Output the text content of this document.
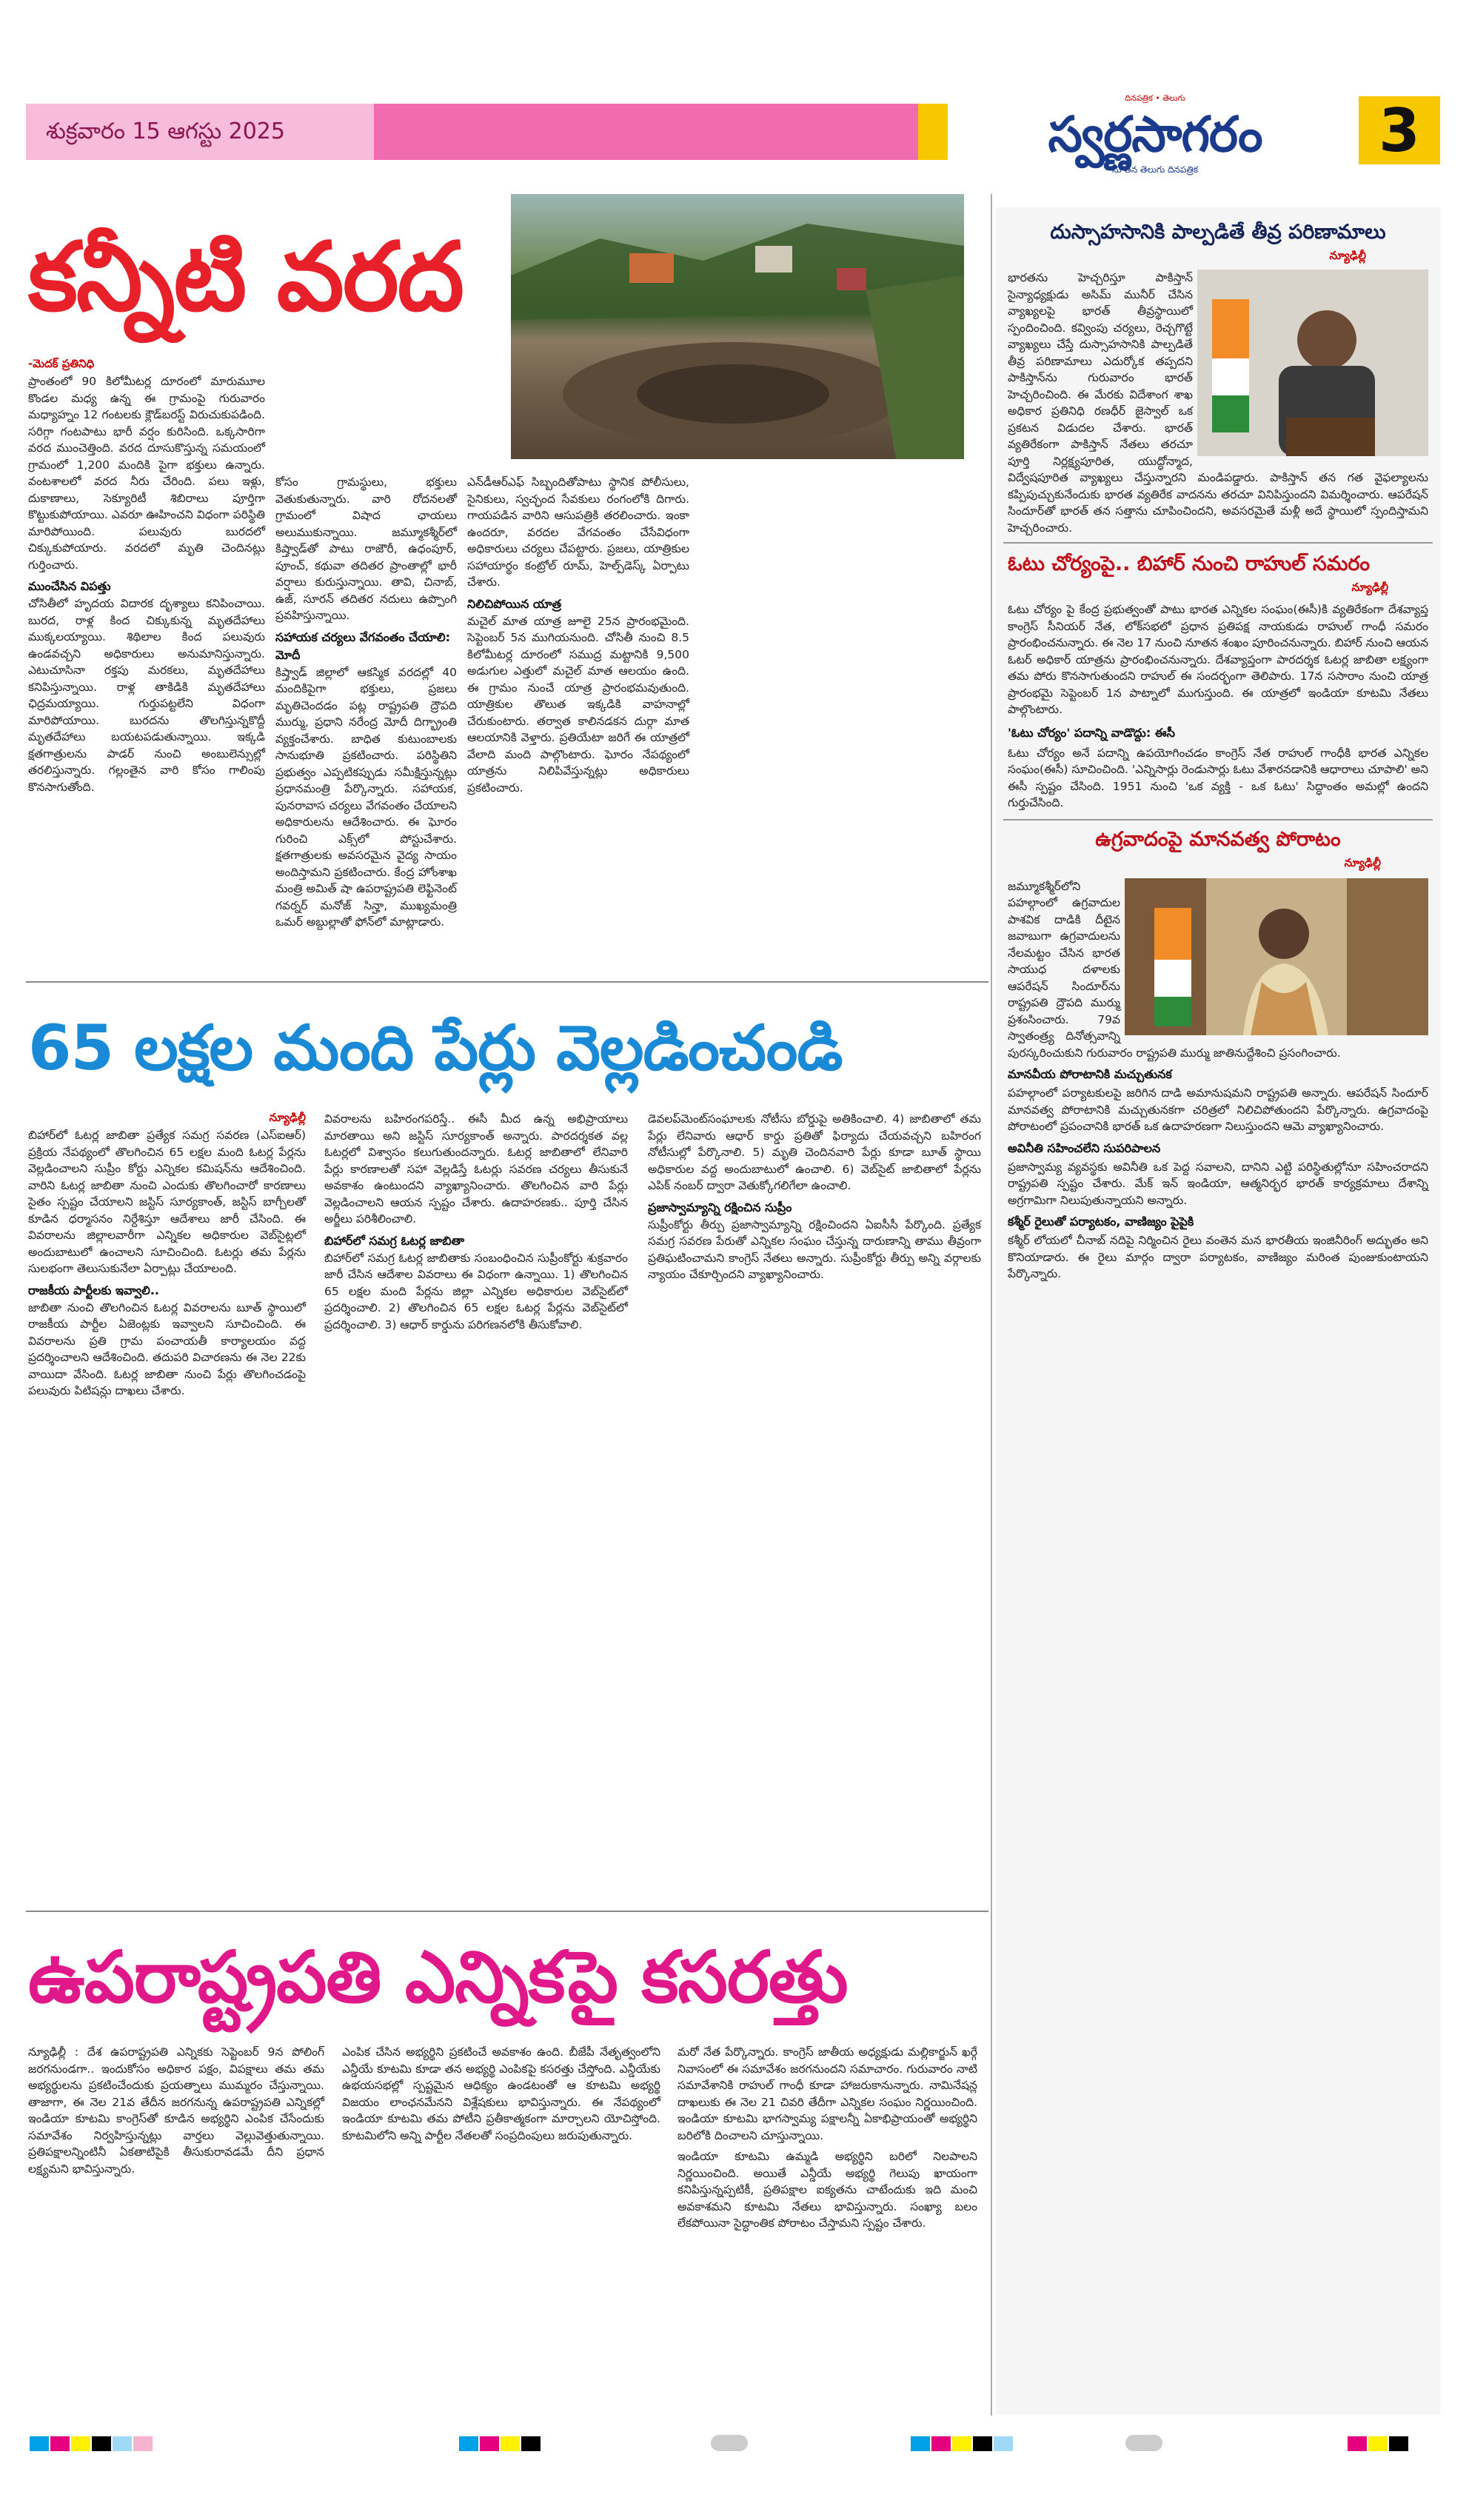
శుక్రవారం 15 ఆగస్టు 2025
దినపత్రిక • తెలుగు
స్వర్ణసాగరం
నూతన తెలుగు దినపత్రిక
3
కన్నీటి వరద
-మెదక్‌ ప్రతినిధి

ప్రాంతంలో 90 కిలోమీటర్ల దూరంలో మారుమూల కొండల మధ్య ఉన్న ఈ గ్రామంపై గురువారం మధ్యాహ్నం 12 గంటలకు క్లౌడ్‌బరస్ట్‌ విరుచుకుపడింది. సరిగ్గా గంటపాటు భారీ వర్షం కురిసింది. ఒక్కసారిగా వరద ముంచెత్తింది. వరద దూసుకొస్తున్న సమయంలో గ్రామంలో 1,200 మందికి పైగా భక్తులు ఉన్నారు. వంటశాలలో వరద నీరు చేరింది. పలు ఇళ్లు, దుకాణాలు, సెక్యూరిటీ శిబిరాలు పూర్తిగా కొట్టుకుపోయాయి. ఎవరూ ఊహించని విధంగా పరిస్థితి మారిపోయింది. పలువురు బురదలో చిక్కుకుపోయారు. వరదలో మృతి చెందినట్లు గుర్తించారు.

ముంచేసిన విపత్తు

చోసితీలో హృదయ విదారక దృశ్యాలు కనిపించాయి. బురద, రాళ్ల కింద చిక్కుకున్న మృతదేహాలు ముక్కలయ్యాయి. శిథిలాల కింద పలువురు ఉండవచ్చని అధికారులు అనుమానిస్తున్నారు. ఎటుచూసినా రక్తపు మరకలు, మృతదేహాలు కనిపిస్తున్నాయి. రాళ్ల తాకిడికి మృతదేహాలు ఛిద్రమయ్యాయి. గుర్తుపట్టలేని విధంగా మారిపోయాయి. బురదను తొలగిస్తున్నకొద్దీ మృతదేహాలు బయటపడుతున్నాయి. ఇక్కడి క్షతగాత్రులను పాడర్‌ నుంచి అంబులెన్సుల్లో తరలిస్తున్నారు. గల్లంతైన వారి కోసం గాలింపు కొనసాగుతోంది.

కోసం గ్రామస్థులు, భక్తులు వెతుకుతున్నారు. వారి రోదనలతో గ్రామంలో విషాద ఛాయలు అలుముకున్నాయి. జమ్మూకశ్మీర్‌లో కిష్త్వాడ్‌తో పాటు రాజౌరీ, ఉధంపూర్‌, పూంచ్‌, కథువా తదితర ప్రాంతాల్లో భారీ వర్షాలు కురుస్తున్నాయి. తావి, చినాబ్‌, ఉజ్‌, సూరన్‌ తదితర నదులు ఉప్పొంగి ప్రవహిస్తున్నాయి.

సహాయక చర్యలు వేగవంతం చేయాలి: మోదీ

కిష్త్వాడ్‌ జిల్లాలో ఆకస్మిక వరదల్లో 40 మందికిపైగా భక్తులు, ప్రజలు మృతిచెందడం పట్ల రాష్ట్రపతి ద్రౌపది ముర్ము, ప్రధాని నరేంద్ర మోదీ దిగ్భ్రాంతి వ్యక్తంచేశారు. బాధిత కుటుంబాలకు సానుభూతి ప్రకటించారు. పరిస్థితిని ప్రభుత్వం ఎప్పటికప్పుడు సమీక్షిస్తున్నట్లు ప్రధానమంత్రి పేర్కొన్నారు. సహాయక, పునరావాస చర్యలు వేగవంతం చేయాలని అధికారులను ఆదేశించారు. ఈ ఘోరం గురించి ఎక్స్‌లో పోస్టుచేశారు. క్షతగాత్రులకు అవసరమైన వైద్య సాయం అందిస్తామని ప్రకటించారు. కేంద్ర హోంశాఖ మంత్రి అమిత్‌ షా ఉపరాష్ట్రపతి లెఫ్టినెంట్‌ గవర్నర్‌ మనోజ్‌ సిన్హా, ముఖ్యమంత్రి ఒమర్‌ అబ్దుల్లాతో ఫోన్‌లో మాట్లాడారు.

ఎన్‌డీఆర్‌ఎఫ్‌ సిబ్బందితోపాటు స్థానిక పోలీసులు, సైనికులు, స్వచ్ఛంద సేవకులు రంగంలోకి దిగారు. గాయపడిన వారిని ఆసుపత్రికి తరలించారు. ఇంకా ఉందరూ, వరదల వేగవంతం చేసేవిధంగా అధికారులు చర్యలు చేపట్టారు. ప్రజలు, యాత్రికుల సహాయార్థం కంట్రోల్‌ రూమ్‌, హెల్ప్‌డెస్క్‌ ఏర్పాటు చేశారు.

నిలిచిపోయిన యాత్ర

మచైల్‌ మాత యాత్ర జూలై 25న ప్రారంభమైంది. సెప్టెంబర్‌ 5న ముగియనుంది. చోసితీ నుంచి 8.5 కిలోమీటర్ల దూరంలో సముద్ర మట్టానికి 9,500 అడుగుల ఎత్తులో మచైల్‌ మాత ఆలయం ఉంది. ఈ గ్రామం నుంచే యాత్ర ప్రారంభమవుతుంది. యాత్రికుల తొలుత ఇక్కడికి వాహనాల్లో చేరుకుంటారు. తర్వాత కాలినడకన దుర్గా మాత ఆలయానికి వెళ్తారు. ప్రతియేటా జరిగే ఈ యాత్రలో వేలాది మంది పాల్గొంటారు. ఘోరం నేపథ్యంలో యాత్రను నిలిపివేస్తున్నట్లు అధికారులు ప్రకటించారు.

65 లక్షల మంది పేర్లు వెల్లడించండి
న్యూఢిల్లీ

బిహార్‌లో ఓటర్ల జాబితా ప్రత్యేక సమగ్ర సవరణ (ఎస్‌ఐఆర్‌) ప్రక్రియ నేపథ్యంలో తొలగించిన 65 లక్షల మంది ఓటర్ల పేర్లను వెల్లడించాలని సుప్రీం కోర్టు ఎన్నికల కమిషన్‌ను ఆదేశించింది. వారిని ఓటర్ల జాబితా నుంచి ఎందుకు తొలగించారో కారణాలు సైతం స్పష్టం చేయాలని జస్టిస్‌ సూర్యకాంత్‌, జస్టిస్‌ బాగ్చీలతో కూడిన ధర్మాసనం నిర్దేశిస్తూ ఆదేశాలు జారీ చేసింది. ఈ వివరాలను జిల్లాలవారీగా ఎన్నికల అధికారుల వెబ్‌సైట్లలో అందుబాటులో ఉంచాలని సూచించింది. ఓటర్లు తమ పేర్లను సులభంగా తెలుసుకునేలా ఏర్పాట్లు చేయాలంది.

రాజకీయ పార్టీలకు ఇవ్వాలి..

జాబితా నుంచి తొలగించిన ఓటర్ల వివరాలను బూత్‌ స్థాయిలో రాజకీయ పార్టీల ఏజెంట్లకు ఇవ్వాలని సూచించింది. ఈ వివరాలను ప్రతి గ్రామ పంచాయతీ కార్యాలయం వద్ద ప్రదర్శించాలని ఆదేశించింది. తదుపరి విచారణను ఈ నెల 22కు వాయిదా వేసింది. ఓటర్ల జాబితా నుంచి పేర్లు తొలగించడంపై పలువురు పిటిషన్లు దాఖలు చేశారు.

వివరాలను బహిరంగపరిస్తే.. ఈసీ మీద ఉన్న అభిప్రాయాలు మారతాయి అని జస్టిస్‌ సూర్యకాంత్‌ అన్నారు. పారదర్శకత వల్ల ఓటర్లలో విశ్వాసం కలుగుతుందన్నారు. ఓటర్ల జాబితాలో లేనివారి పేర్లు కారణాలతో సహా వెల్లడిస్తే ఓటర్లు సవరణ చర్యలు తీసుకునే అవకాశం ఉంటుందని వ్యాఖ్యానించారు. తొలగించిన వారి పేర్లు వెల్లడించాలని ఆయన స్పష్టం చేశారు. ఉదాహరణకు.. పూర్తి చేసిన అర్జీలు పరిశీలించాలి.

బిహార్‌లో సమగ్ర ఓటర్ల జాబితా

బిహార్‌లో సమగ్ర ఓటర్ల జాబితాకు సంబంధించిన సుప్రీంకోర్టు శుక్రవారం జారీ చేసిన ఆదేశాల వివరాలు ఈ విధంగా ఉన్నాయి. 1) తొలగించిన 65 లక్షల మంది పేర్లను జిల్లా ఎన్నికల అధికారుల వెబ్‌సైట్‌లో ప్రదర్శించాలి. 2) తొలగించిన 65 లక్షల ఓటర్ల పేర్లను వెబ్‌సైట్‌లో ప్రదర్శించాలి. 3) ఆధార్‌ కార్డును పరిగణనలోకి తీసుకోవాలి.

డెవలప్‌మెంట్‌సంఘాలకు నోటీసు బోర్డుపై అతికించాలి. 4) జాబితాలో తమ పేర్లు లేనివారు ఆధార్‌ కార్డు ప్రతితో ఫిర్యాదు చేయవచ్చని బహిరంగ నోటీసుల్లో పేర్కొనాలి. 5) మృతి చెందినవారి పేర్లు కూడా బూత్‌ స్థాయి అధికారుల వద్ద అందుబాటులో ఉంచాలి. 6) వెబ్‌సైట్‌ జాబితాలో పేర్లను ఎపిక్‌ నంబర్‌ ద్వారా వెతుక్కోగలిగేలా ఉంచాలి.

ప్రజాస్వామ్యాన్ని రక్షించిన సుప్రీం

సుప్రీంకోర్టు తీర్పు ప్రజాస్వామ్యాన్ని రక్షించిందని ఏఐసీసీ పేర్కొంది. ప్రత్యేక సమగ్ర సవరణ పేరుతో ఎన్నికల సంఘం చేస్తున్న దారుణాన్ని తాము తీవ్రంగా ప్రతిఘటించామని కాంగ్రెస్‌ నేతలు అన్నారు. సుప్రీంకోర్టు తీర్పు అన్ని వర్గాలకు న్యాయం చేకూర్చిందని వ్యాఖ్యానించారు.

ఉపరాష్ట్రపతి ఎన్నికపై కసరత్తు

న్యూఢిల్లీ : దేశ ఉపరాష్ట్రపతి ఎన్నికకు సెప్టెంబర్‌ 9న పోలింగ్‌ జరగనుండగా.. ఇందుకోసం అధికార పక్షం, విపక్షాలు తమ తమ అభ్యర్థులను ప్రకటించేందుకు ప్రయత్నాలు ముమ్మరం చేస్తున్నాయి. తాజాగా, ఈ నెల 21వ తేదీన జరగనున్న ఉపరాష్ట్రపతి ఎన్నికల్లో ఇండియా కూటమి కాంగ్రెస్‌తో కూడిన అభ్యర్థిని ఎంపిక చేసేందుకు సమావేశం నిర్వహిస్తున్నట్లు వార్తలు వెల్లువెత్తుతున్నాయి. ప్రతిపక్షాలన్నింటినీ ఏకతాటిపైకి తీసుకురావడమే దీని ప్రధాన లక్ష్యమని భావిస్తున్నారు.

ఎంపిక చేసిన అభ్యర్థిని ప్రకటించే అవకాశం ఉంది. బీజేపీ నేతృత్వంలోని ఎన్డీయే కూటమి కూడా తన అభ్యర్థి ఎంపికపై కసరత్తు చేస్తోంది. ఎన్డీయేకు ఉభయసభల్లో స్పష్టమైన ఆధిక్యం ఉండటంతో ఆ కూటమి అభ్యర్థి విజయం లాంఛనమేనని విశ్లేషకులు భావిస్తున్నారు. ఈ నేపథ్యంలో ఇండియా కూటమి తమ పోటీని ప్రతీకాత్మకంగా మార్చాలని యోచిస్తోంది. కూటమిలోని అన్ని పార్టీల నేతలతో సంప్రదింపులు జరుపుతున్నారు.

మరో నేత పేర్కొన్నారు. కాంగ్రెస్‌ జాతీయ అధ్యక్షుడు మల్లికార్జున్‌ ఖర్గే నివాసంలో ఈ సమావేశం జరగనుందని సమాచారం. గురువారం నాటి సమావేశానికి రాహుల్‌ గాంధీ కూడా హాజరుకానున్నారు. నామినేషన్ల దాఖలుకు ఈ నెల 21 చివరి తేదీగా ఎన్నికల సంఘం నిర్ణయించింది. ఇండియా కూటమి భాగస్వామ్య పక్షాలన్నీ ఏకాభిప్రాయంతో అభ్యర్థిని బరిలోకి దించాలని చూస్తున్నాయి.

ఇండియా కూటమి ఉమ్మడి అభ్యర్థిని బరిలో నిలపాలని నిర్ణయించింది. అయితే ఎన్డీయే అభ్యర్థి గెలుపు ఖాయంగా కనిపిస్తున్నప్పటికీ, ప్రతిపక్షాల ఐక్యతను చాటేందుకు ఇది మంచి అవకాశమని కూటమి నేతలు భావిస్తున్నారు. సంఖ్యా బలం లేకపోయినా సైద్ధాంతిక పోరాటం చేస్తామని స్పష్టం చేశారు.

దుస్సాహసానికి పాల్పడితే తీవ్ర పరిణామాలు
న్యూఢిల్లీ

భారతను హెచ్చరిస్తూ పాకిస్తాన్‌ సైన్యాధ్యక్షుడు అసిమ్‌ మునీర్‌ చేసిన వ్యాఖ్యలపై భారత్‌ తీవ్రస్థాయిలో స్పందించింది. కవ్వింపు చర్యలు, రెచ్చగొట్టే వ్యాఖ్యలు చేస్తే దుస్సాహసానికి పాల్పడితే తీవ్ర పరిణామాలు ఎదుర్కోక తప్పదని పాకిస్తాన్‌ను గురువారం భారత్‌ హెచ్చరించింది. ఈ మేరకు విదేశాంగ శాఖ అధికార ప్రతినిధి రణధీర్‌ జైస్వాల్‌ ఒక ప్రకటన విడుదల చేశారు. భారత్‌ వ్యతిరేకంగా పాకిస్తాన్‌ నేతలు తరచూ పూర్తి నిర్లక్ష్యపూరిత, యుద్ధోన్మాద, విద్వేషపూరిత వ్యాఖ్యలు చేస్తున్నారని మండిపడ్డారు. పాకిస్తాన్‌ తన గత వైఫల్యాలను కప్పిపుచ్చుకునేందుకు భారత వ్యతిరేక వాదనను తరచూ వినిపిస్తుందని విమర్శించారు. ఆపరేషన్‌ సిందూర్‌తో భారత్‌ తన సత్తాను చూపించిందని, అవసరమైతే మళ్లీ అదే స్థాయిలో స్పందిస్తామని హెచ్చరించారు.

ఓటు చోర్యంపై.. బిహార్‌ నుంచి రాహుల్‌ సమరం
న్యూఢిల్లీ

ఓటు చోర్యం పై కేంద్ర ప్రభుత్వంతో పాటు భారత ఎన్నికల సంఘం(ఈసీ)కి వ్యతిరేకంగా దేశవ్యాప్త కాంగ్రెస్‌ సీనియర్‌ నేత, లోక్‌సభలో ప్రధాన ప్రతిపక్ష నాయకుడు రాహుల్‌ గాంధీ సమరం ప్రారంభించనున్నారు. ఈ నెల 17 నుంచి నూతన శంఖం పూరించనున్నారు. బిహార్‌ నుంచి ఆయన ఓటర్‌ అధికార్‌ యాత్రను ప్రారంభించనున్నారు. దేశవ్యాప్తంగా పారదర్శక ఓటర్ల జాబితా లక్ష్యంగా తమ పోరు కొనసాగుతుందని రాహుల్‌ ఈ సందర్భంగా తెలిపారు. 17న ససారాం నుంచి యాత్ర ప్రారంభమై సెప్టెంబర్‌ 1న పాట్నాలో ముగుస్తుంది. ఈ యాత్రలో ఇండియా కూటమి నేతలు పాల్గొంటారు.

'ఓటు చోర్యం' పదాన్ని వాడొద్దు: ఈసీ

ఓటు చోర్యం అనే పదాన్ని ఉపయోగించడం కాంగ్రెస్‌ నేత రాహుల్‌ గాంధీకి భారత ఎన్నికల సంఘం(ఈసీ) సూచించింది. 'ఎన్నిసార్లు రెండుసార్లు ఓటు వేశారనడానికి ఆధారాలు చూపాలి' అని ఈసీ స్పష్టం చేసింది. 1951 నుంచి 'ఒక వ్యక్తి - ఒక ఓటు' సిద్ధాంతం అమల్లో ఉందని గుర్తుచేసింది.

ఉగ్రవాదంపై మానవత్వ పోరాటం
న్యూఢిల్లీ

జమ్మూకశ్మీర్‌లోని పహల్గాంలో ఉగ్రవాదుల పాశవిక దాడికి దీటైన జవాబుగా ఉగ్రవాదులను నేలమట్టం చేసిన భారత సాయుధ దళాలకు ఆపరేషన్‌ సిందూర్‌ను రాష్ట్రపతి ద్రౌపది ముర్ము ప్రశంసించారు. 79వ స్వాతంత్ర్య దినోత్సవాన్ని పురస్కరించుకుని గురువారం రాష్ట్రపతి ముర్ము జాతినుద్దేశించి ప్రసంగించారు.

మానవీయ పోరాటానికి మచ్చుతునక

పహల్గాంలో పర్యాటకులపై జరిగిన దాడి అమానుషమని రాష్ట్రపతి అన్నారు. ఆపరేషన్‌ సిందూర్‌ మానవత్వ పోరాటానికి మచ్చుతునకగా చరిత్రలో నిలిచిపోతుందని పేర్కొన్నారు. ఉగ్రవాదంపై పోరాటంలో ప్రపంచానికి భారత్‌ ఒక ఉదాహరణగా నిలుస్తుందని ఆమె వ్యాఖ్యానించారు.

అవినీతి సహించలేని సుపరిపాలన

ప్రజాస్వామ్య వ్యవస్థకు అవినీతి ఒక పెద్ద సవాలని, దానిని ఎట్టి పరిస్థితుల్లోనూ సహించరాదని రాష్ట్రపతి స్పష్టం చేశారు. మేక్‌ ఇన్‌ ఇండియా, ఆత్మనిర్భర భారత్‌ కార్యక్రమాలు దేశాన్ని అగ్రగామిగా నిలుపుతున్నాయని అన్నారు.

కశ్మీర్‌ రైలుతో పర్యాటకం, వాణిజ్యం పైపైకి

కశ్మీర్‌ లోయలో చీనాబ్‌ నదిపై నిర్మించిన రైలు వంతెన మన భారతీయ ఇంజినీరింగ్‌ అద్భుతం అని కొనియాడారు. ఈ రైలు మార్గం ద్వారా పర్యాటకం, వాణిజ్యం మరింత పుంజుకుంటాయని పేర్కొన్నారు.
